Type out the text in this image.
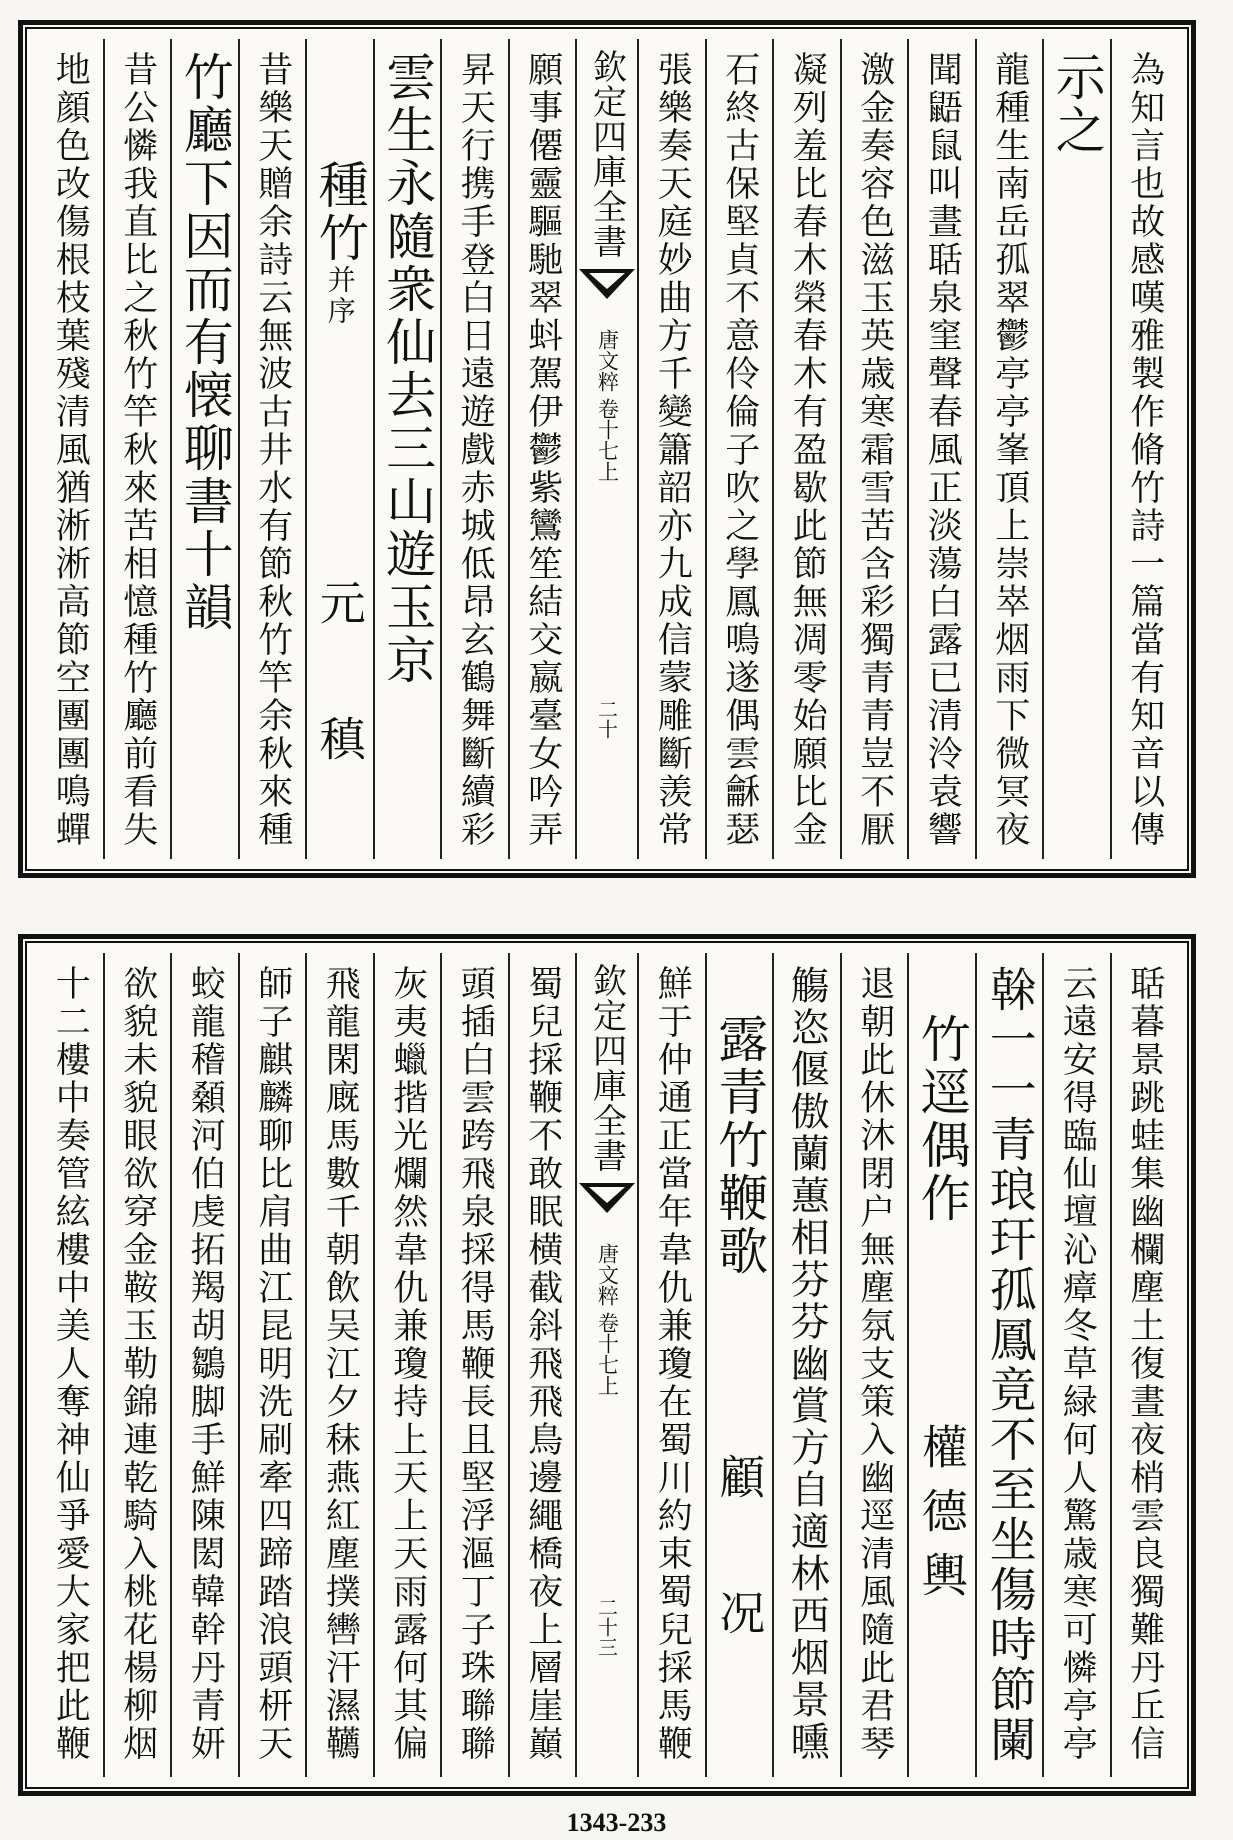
為知言也故感嘆雅製作脩竹詩一篇當有知音以傳
示之
龍種生南岳孤翠鬱亭亭峯頂上崇崒烟雨下微冥夜
聞鼯鼠叫晝聒泉窐聲春風正淡蕩白露已清泠袁響
激金奏容色滋玉英歳寒霜雪苦含彩獨青青豈不厭
凝列羞比春木榮春木有盈歇此節無凋零始願比金
石終古保堅貞不意伶倫子吹之學鳳鳴遂偶雲龢瑟
張樂奏天庭妙曲方千變簫韶亦九成信蒙雕斷羡常
欽定四庫全書
唐文粹
卷十七上
二十
願事僊靈驅馳翠蚪駕伊鬱紫鸞笙結交嬴臺女吟弄
昇天行携手登白日遠遊戲赤城低昂玄鶴舞斷續彩
雲生永隨衆仙去三山遊玉京
種竹并序
元 稹
昔樂天贈余詩云無波古井水有節秋竹竿余秋來種
竹廳下因而有懐聊書十韻
昔公憐我直比之秋竹竿秋來苦相憶種竹廳前看失
地顔色改傷根枝葉殘清風猶淅淅高節空團團鳴蟬
聒暮景跳蛙集幽欄塵土復晝夜梢雲良獨難丹丘信
云遠安得臨仙壇沁瘴冬草緑何人驚歳寒可憐亭亭
榦一一青琅玕孤鳳竟不至坐傷時節闌
竹逕偶作
權德輿
退朝此休沐閉户無塵氛支策入幽逕清風隨此君琴
觴恣偃傲蘭蕙相芬芬幽賞方自適林西烟景曛
露青竹鞭歌
顧 况
鮮于仲通正當年韋仇兼瓊在蜀川約束蜀兒採馬鞭
欽定四庫全書
唐文粹
卷十七上
二十三
蜀兒採鞭不敢眠横截斜飛飛鳥邊繩橋夜上層崖巔
頭插白雲跨飛泉採得馬鞭長且堅浮漚丁子珠聯聯
灰夷蠟揩光爛然韋仇兼瓊持上天上天雨露何其偏
飛龍閑廐馬數千朝飲吴江夕秣燕紅塵撲轡汗濕韉
師子麒麟聊比肩曲江昆明洗刷牽四蹄踏浪頭枅天
蛟龍稽顙河伯虔拓羯胡鶵脚手鮮陳閎韓幹丹青妍
欲貌未貌眼欲穿金鞍玉勒錦連乾騎入桃花楊柳烟
十二樓中奏管絃樓中美人奪神仙爭愛大家把此鞭
1343-233
